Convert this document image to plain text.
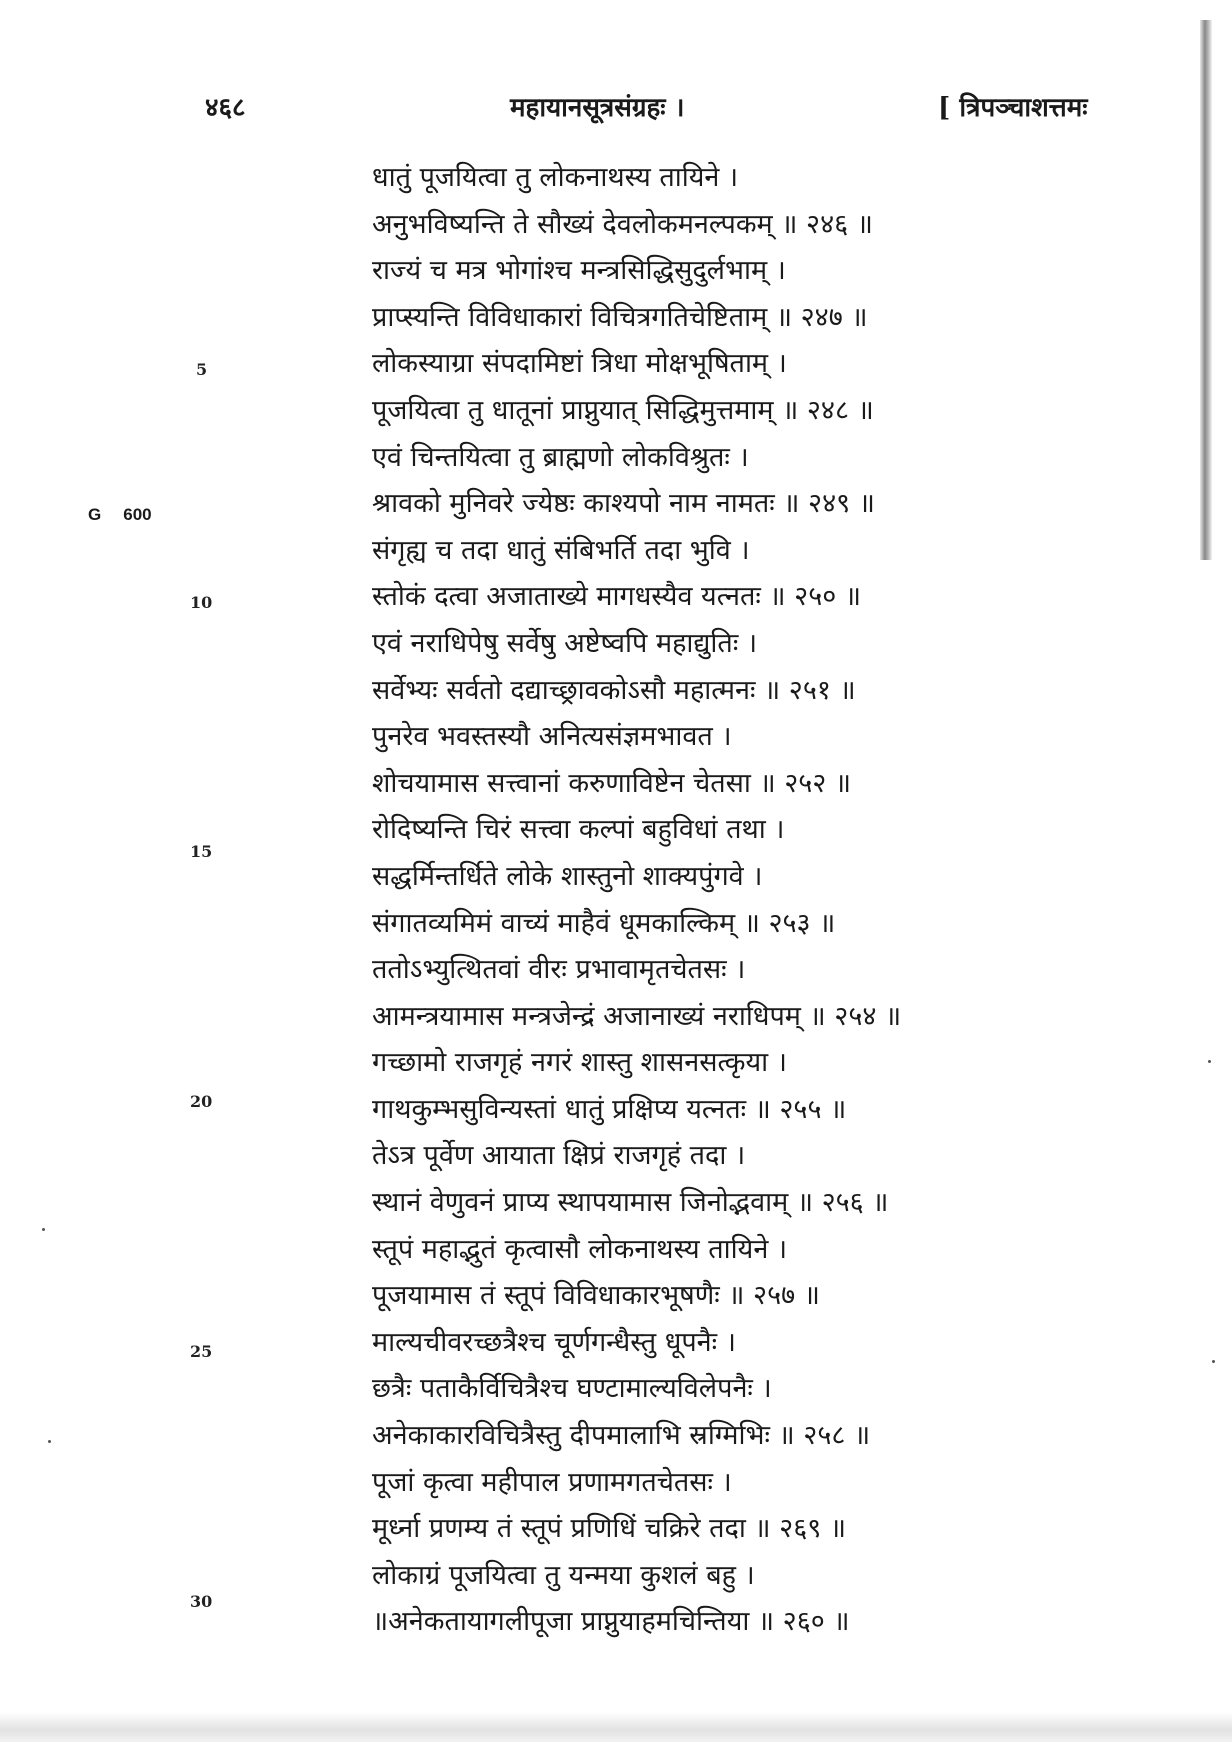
४६८	महायानसूत्रसंग्रहः ।	[ त्रिपञ्चाशत्तमः
G 600
5
10
15
20
25
30
धातुं पूजयित्वा तु लोकनाथस्य तायिने ।
अनुभविष्यन्ति ते सौख्यं देवलोकमनल्पकम् ॥ २४६ ॥
राज्यं च मत्र भोगांश्च मन्त्रसिद्धिसुदुर्लभाम् ।
प्राप्स्यन्ति विविधाकारां विचित्रगतिचेष्टिताम् ॥ २४७ ॥
लोकस्याग्रा संपदामिष्टां त्रिधा मोक्षभूषिताम् ।
पूजयित्वा तु धातूनां प्राप्नुयात् सिद्धिमुत्तमाम् ॥ २४८ ॥
एवं चिन्तयित्वा तु ब्राह्मणो लोकविश्रुतः ।
श्रावको मुनिवरे ज्येष्ठः काश्यपो नाम नामतः ॥ २४९ ॥
संगृह्य च तदा धातुं संबिभर्ति तदा भुवि ।
स्तोकं दत्वा अजाताख्ये मागधस्यैव यत्नतः ॥ २५० ॥
एवं नराधिपेषु सर्वेषु अष्टेष्वपि महाद्युतिः ।
सर्वेभ्यः सर्वतो दद्याच्छ्रावकोऽसौ महात्मनः ॥ २५१ ॥
पुनरेव भवस्तस्यौ अनित्यसंज्ञमभावत ।
शोचयामास सत्त्वानां करुणाविष्टेन चेतसा ॥ २५२ ॥
रोदिष्यन्ति चिरं सत्त्वा कल्पां बहुविधां तथा ।
सद्धर्मिन्तर्धिते लोके शास्तुनो शाक्यपुंगवे ।
संगातव्यमिमं वाच्यं माहैवं धूमकाल्किम् ॥ २५३ ॥
ततोऽभ्युत्थितवां वीरः प्रभावामृतचेतसः ।
आमन्त्रयामास मन्त्रजेन्द्रं अजानाख्यं नराधिपम् ॥ २५४ ॥
गच्छामो राजगृहं नगरं शास्तु शासनसत्कृया ।
गाथकुम्भसुविन्यस्तां धातुं प्रक्षिप्य यत्नतः ॥ २५५ ॥
तेऽत्र पूर्वेण आयाता क्षिप्रं राजगृहं तदा ।
स्थानं वेणुवनं प्राप्य स्थापयामास जिनोद्भवाम् ॥ २५६ ॥
स्तूपं महाद्भुतं कृत्वासौ लोकनाथस्य तायिने ।
पूजयामास तं स्तूपं विविधाकारभूषणैः ॥ २५७ ॥
माल्यचीवरच्छत्रैश्च चूर्णगन्धैस्तु धूपनैः ।
छत्रैः पताकैर्विचित्रैश्च घण्टामाल्यविलेपनैः ।
अनेकाकारविचित्रैस्तु दीपमालाभि स्रग्मिभिः ॥ २५८ ॥
पूजां कृत्वा महीपाल प्रणामगतचेतसः ।
मूर्ध्ना प्रणम्य तं स्तूपं प्रणिधिं चक्रिरे तदा ॥ २६९ ॥
लोकाग्रं पूजयित्वा तु यन्मया कुशलं बहु ।
॥अनेकतायागलीपूजा प्राप्नुयाहमचिन्तिया ॥ २६० ॥
